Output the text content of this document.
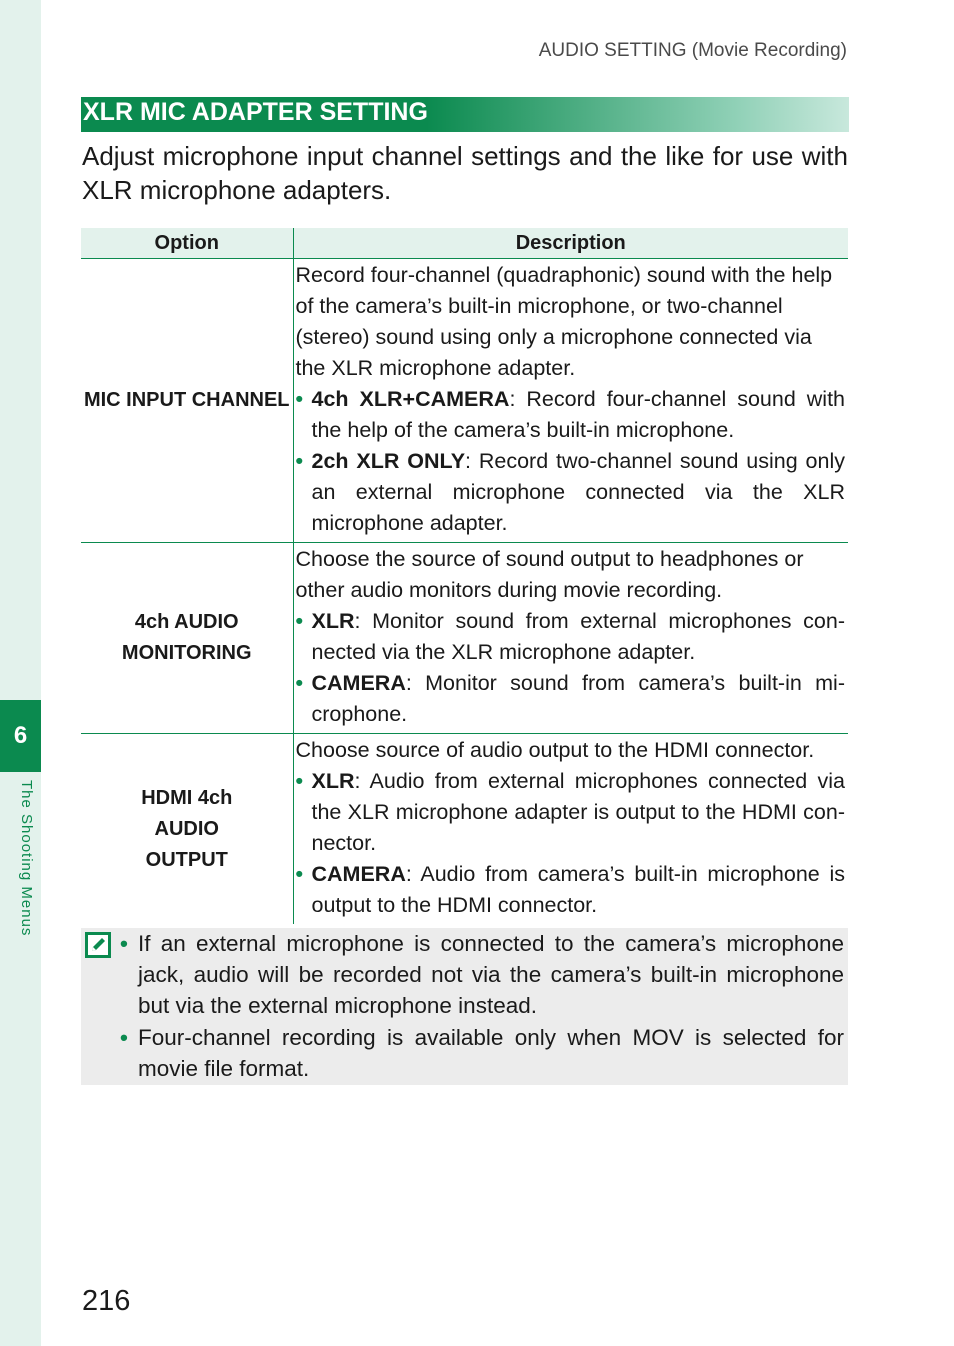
6
The Shooting Menus
AUDIO SETTING (Movie Recording)
XLR MIC ADAPTER SETTING
Adjust microphone input channel settings and the like for use with XLR microphone adapters.
Option	Description
MIC INPUT CHANNEL	Record four-channel (quadraphonic) sound with the help of the camera’s built-in microphone, or two-channel (stereo) sound using only a microphone connected via the XLR microphone adapter.
• 4ch XLR+CAMERA: Record four-channel sound with the help of the camera’s built-in microphone.
• 2ch XLR ONLY: Record two-channel sound using only an external microphone connected via the XLR microphone adapter.

4ch AUDIO MONITORING	Choose the source of sound output to headphones or other audio monitors during movie recording.
• XLR: Monitor sound from external microphones con-nected via the XLR microphone adapter.
• CAMERA: Monitor sound from camera’s built-in mi-crophone.

HDMI 4ch AUDIO OUTPUT	Choose source of audio output to the HDMI connector.
• XLR: Audio from external microphones connected via the XLR microphone adapter is output to the HDMI con-nector.
• CAMERA: Audio from camera’s built-in microphone is output to the HDMI connector.
• If an external microphone is connected to the camera’s microphone jack, audio will be recorded not via the camera’s built-in microphone but via the external microphone instead.
• Four-channel recording is available only when MOV is selected for movie file format.
216
